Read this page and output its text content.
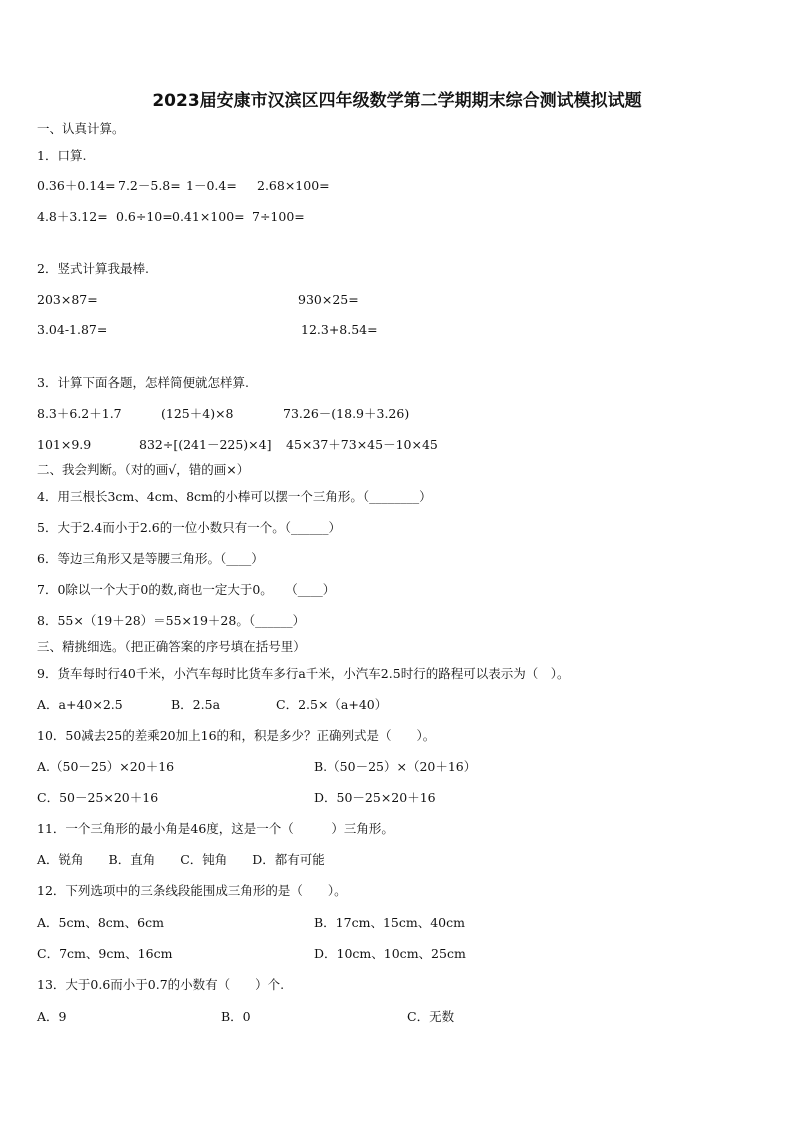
2023届安康市汉滨区四年级数学第二学期期末综合测试模拟试题
一、认真计算。
1．口算.
0.36＋0.14= 7.2－5.8= 1－0.4= 2.68×100=
4.8＋3.12= 0.6÷10= 0.41×100= 7÷100=
2．竖式计算我最棒.
203×87=	930×25=
3.04-1.87=	12.3+8.54=
3．计算下面各题，怎样简便就怎样算.
8.3＋6.2＋1.7	(125＋4)×8	73.26－(18.9＋3.26)
101×9.9	832÷[(241－225)×4] 45×37＋73×45－10×45
二、我会判断。（对的画√，错的画×）
4．用三根长3cm、4cm、8cm的小棒可以摆一个三角形。（________）
5．大于2.4而小于2.6的一位小数只有一个。（______）
6．等边三角形又是等腰三角形。（____）
7．0除以一个大于0的数,商也一定大于0。　　（____）
8．55×（19＋28）＝55×19＋28。（______）
三、精挑细选。（把正确答案的序号填在括号里）
9．货车每时行40千米，小汽车每时比货车多行a千米，小汽车2.5时行的路程可以表示为（　）。
A．a+40×2.5	B．2.5a	C．2.5×（a+40）
10．50减去25的差乘20加上16的和，积是多少？正确列式是（　　）。
A.（50－25）×20＋16	B.（50－25）×（20＋16）
C．50－25×20＋16	D．50－25×20＋16
11．一个三角形的最小角是46度，这是一个（　　　）三角形。
A．锐角　　B．直角　　C．钝角　　D．都有可能
12．下列选项中的三条线段能围成三角形的是（　　）。
A．5cm、8cm、6cm	B．17cm、15cm、40cm
C．7cm、9cm、16cm	D．10cm、10cm、25cm
13．大于0.6而小于0.7的小数有（　　）个.
A．9	B．0	C．无数
